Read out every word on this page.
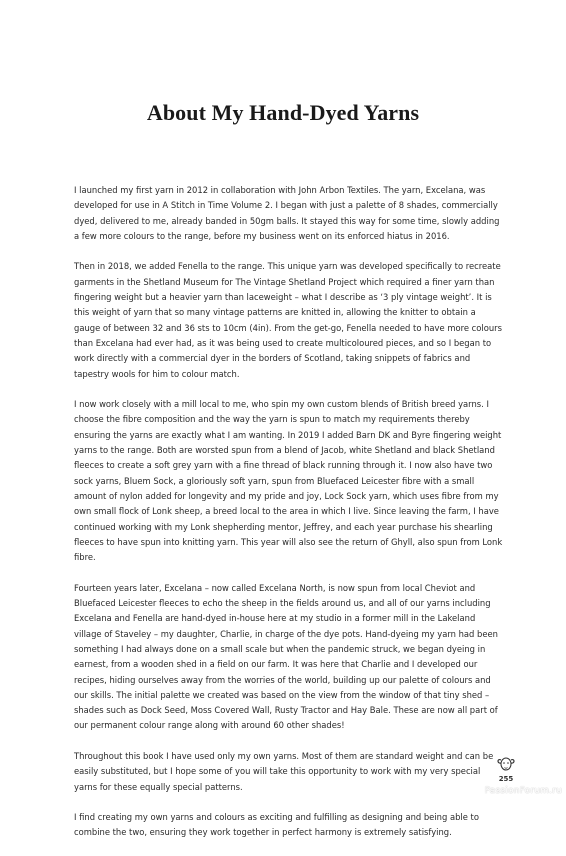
About My Hand-Dyed Yarns

I launched my first yarn in 2012 in collaboration with John Arbon Textiles. The yarn, Excelana, was developed for use in A Stitch in Time Volume 2. I began with just a palette of 8 shades, commercially dyed, delivered to me, already banded in 50gm balls. It stayed this way for some time, slowly adding a few more colours to the range, before my business went on its enforced hiatus in 2016.

Then in 2018, we added Fenella to the range. This unique yarn was developed specifically to recreate garments in the Shetland Museum for The Vintage Shetland Project which required a finer yarn than fingering weight but a heavier yarn than laceweight – what I describe as ‘3 ply vintage weight’. It is this weight of yarn that so many vintage patterns are knitted in, allowing the knitter to obtain a gauge of between 32 and 36 sts to 10cm (4in). From the get-go, Fenella needed to have more colours than Excelana had ever had, as it was being used to create multicoloured pieces, and so I began to work directly with a commercial dyer in the borders of Scotland, taking snippets of fabrics and tapestry wools for him to colour match.

I now work closely with a mill local to me, who spin my own custom blends of British breed yarns. I choose the fibre composition and the way the yarn is spun to match my requirements thereby ensuring the yarns are exactly what I am wanting. In 2019 I added Barn DK and Byre fingering weight yarns to the range. Both are worsted spun from a blend of Jacob, white Shetland and black Shetland fleeces to create a soft grey yarn with a fine thread of black running through it. I now also have two sock yarns, Bluem Sock, a gloriously soft yarn, spun from Bluefaced Leicester fibre with a small amount of nylon added for longevity and my pride and joy, Lock Sock yarn, which uses fibre from my own small flock of Lonk sheep, a breed local to the area in which I live. Since leaving the farm, I have continued working with my Lonk shepherding mentor, Jeffrey, and each year purchase his shearling fleeces to have spun into knitting yarn. This year will also see the return of Ghyll, also spun from Lonk fibre.

Fourteen years later, Excelana – now called Excelana North, is now spun from local Cheviot and Bluefaced Leicester fleeces to echo the sheep in the fields around us, and all of our yarns including Excelana and Fenella are hand-dyed in-house here at my studio in a former mill in the Lakeland village of Staveley – my daughter, Charlie, in charge of the dye pots. Hand-dyeing my yarn had been something I had always done on a small scale but when the pandemic struck, we began dyeing in earnest, from a wooden shed in a field on our farm. It was here that Charlie and I developed our recipes, hiding ourselves away from the worries of the world, building up our palette of colours and our skills. The initial palette we created was based on the view from the window of that tiny shed – shades such as Dock Seed, Moss Covered Wall, Rusty Tractor and Hay Bale. These are now all part of our permanent colour range along with around 60 other shades!

Throughout this book I have used only my own yarns. Most of them are standard weight and can be easily substituted, but I hope some of you will take this opportunity to work with my very special yarns for these equally special patterns.

I find creating my own yarns and colours as exciting and fulfilling as designing and being able to combine the two, ensuring they work together in perfect harmony is extremely satisfying.

255
PassionForum.ru
